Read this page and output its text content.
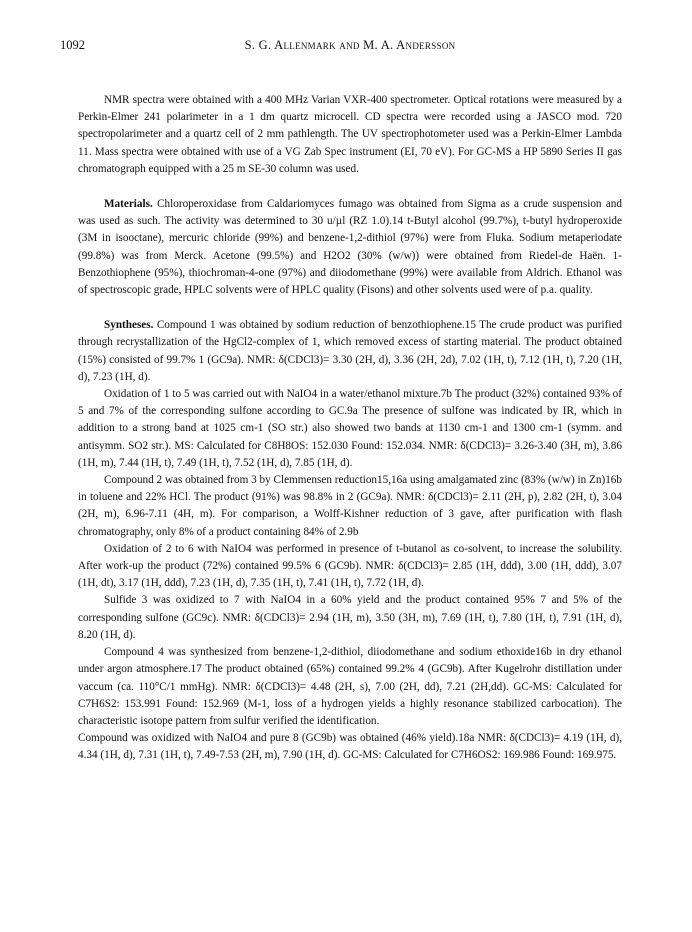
1092	S. G. Allenmark and M. A. Andersson

NMR spectra were obtained with a 400 MHz Varian VXR-400 spectrometer. Optical rotations were measured by a Perkin-Elmer 241 polarimeter in a 1 dm quartz microcell. CD spectra were recorded using a JASCO mod. 720 spectropolarimeter and a quartz cell of 2 mm pathlength. The UV spectrophotometer used was a Perkin-Elmer Lambda 11. Mass spectra were obtained with use of a VG Zab Spec instrument (EI, 70 eV). For GC-MS a HP 5890 Series II gas chromatograph equipped with a 25 m SE-30 column was used.

Materials. Chloroperoxidase from Caldariomyces fumago was obtained from Sigma as a crude suspension and was used as such. The activity was determined to 30 u/µl (RZ 1.0).14 t-Butyl alcohol (99.7%), t-butyl hydroperoxide (3M in isooctane), mercuric chloride (99%) and benzene-1,2-dithiol (97%) were from Fluka. Sodium metaperiodate (99.8%) was from Merck. Acetone (99.5%) and H2O2 (30% (w/w)) were obtained from Riedel-de Haën. 1-Benzothiophene (95%), thiochroman-4-one (97%) and diiodomethane (99%) were available from Aldrich. Ethanol was of spectroscopic grade, HPLC solvents were of HPLC quality (Fisons) and other solvents used were of p.a. quality.

Syntheses. Compound 1 was obtained by sodium reduction of benzothiophene.15 The crude product was purified through recrystallization of the HgCl2-complex of 1, which removed excess of starting material. The product obtained (15%) consisted of 99.7% 1 (GC9a). NMR: δ(CDCl3)= 3.30 (2H, d), 3.36 (2H, 2d), 7.02 (1H, t), 7.12 (1H, t), 7.20 (1H, d), 7.23 (1H, d).

Oxidation of 1 to 5 was carried out with NaIO4 in a water/ethanol mixture.7b The product (32%) contained 93% of 5 and 7% of the corresponding sulfone according to GC.9a The presence of sulfone was indicated by IR, which in addition to a strong band at 1025 cm-1 (SO str.) also showed two bands at 1130 cm-1 and 1300 cm-1 (symm. and antisymm. SO2 str.). MS: Calculated for C8H8OS: 152.030 Found: 152.034. NMR: δ(CDCl3)= 3.26-3.40 (3H, m), 3.86 (1H, m), 7.44 (1H, t), 7.49 (1H, t), 7.52 (1H, d), 7.85 (1H, d).

Compound 2 was obtained from 3 by Clemmensen reduction15,16a using amalgamated zinc (83% (w/w) in Zn)16b in toluene and 22% HCl. The product (91%) was 98.8% in 2 (GC9a). NMR: δ(CDCl3)= 2.11 (2H, p), 2.82 (2H, t), 3.04 (2H, m), 6.96-7.11 (4H, m). For comparison, a Wolff-Kishner reduction of 3 gave, after purification with flash chromatography, only 8% of a product containing 84% of 2.9b

Oxidation of 2 to 6 with NaIO4 was performed in presence of t-butanol as co-solvent, to increase the solubility. After work-up the product (72%) contained 99.5% 6 (GC9b). NMR: δ(CDCl3)= 2.85 (1H, ddd), 3.00 (1H, ddd), 3.07 (1H, dt), 3.17 (1H, ddd), 7.23 (1H, d), 7.35 (1H, t), 7.41 (1H, t), 7.72 (1H, d).

Sulfide 3 was oxidized to 7 with NaIO4 in a 60% yield and the product contained 95% 7 and 5% of the corresponding sulfone (GC9c). NMR: δ(CDCl3)= 2.94 (1H, m), 3.50 (3H, m), 7.69 (1H, t), 7.80 (1H, t), 7.91 (1H, d), 8.20 (1H, d).

Compound 4 was synthesized from benzene-1,2-dithiol, diiodomethane and sodium ethoxide16b in dry ethanol under argon atmosphere.17 The product obtained (65%) contained 99.2% 4 (GC9b). After Kugelrohr distillation under vaccum (ca. 110°C/1 mmHg). NMR: δ(CDCl3)= 4.48 (2H, s), 7.00 (2H, dd), 7.21 (2H,dd). GC-MS: Calculated for C7H6S2: 153.991 Found: 152.969 (M-1, loss of a hydrogen yields a highly resonance stabilized carbocation). The characteristic isotope pattern from sulfur verified the identification.

Compound was oxidized with NaIO4 and pure 8 (GC9b) was obtained (46% yield).18a NMR: δ(CDCl3)= 4.19 (1H, d), 4.34 (1H, d), 7.31 (1H, t), 7.49-7.53 (2H, m), 7.90 (1H, d). GC-MS: Calculated for C7H6OS2: 169.986 Found: 169.975.
